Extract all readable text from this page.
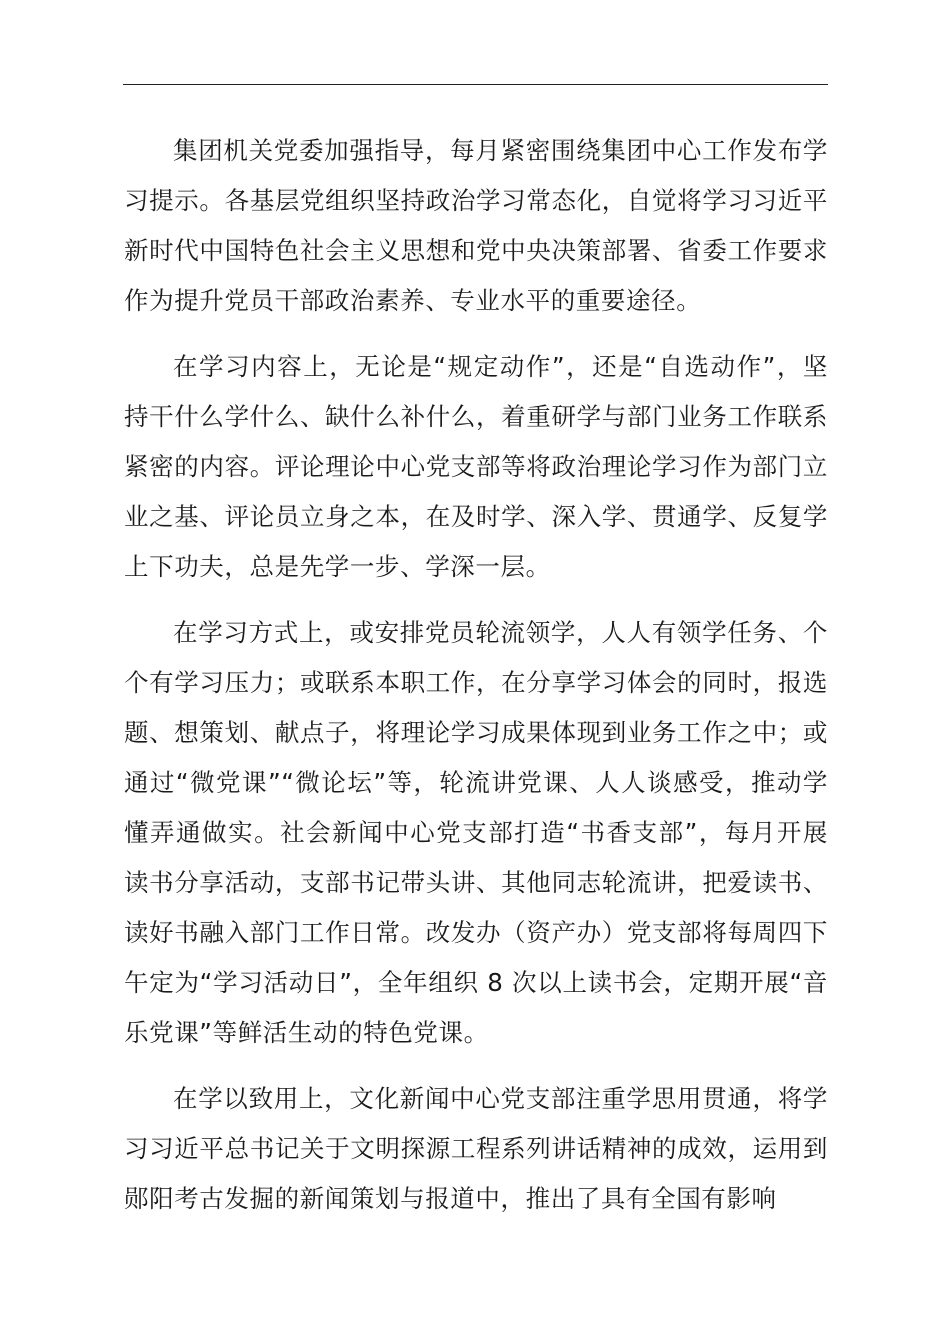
集团机关党委加强指导，每月紧密围绕集团中心工作发布学习提示。各基层党组织坚持政治学习常态化，自觉将学习习近平新时代中国特色社会主义思想和党中央决策部署、省委工作要求作为提升党员干部政治素养、专业水平的重要途径。

在学习内容上，无论是“规定动作”，还是“自选动作”，坚持干什么学什么、缺什么补什么，着重研学与部门业务工作联系紧密的内容。评论理论中心党支部等将政治理论学习作为部门立业之基、评论员立身之本，在及时学、深入学、贯通学、反复学上下功夫，总是先学一步、学深一层。

在学习方式上，或安排党员轮流领学，人人有领学任务、个个有学习压力；或联系本职工作，在分享学习体会的同时，报选题、想策划、献点子，将理论学习成果体现到业务工作之中；或通过“微党课”“微论坛”等，轮流讲党课、人人谈感受，推动学懂弄通做实。社会新闻中心党支部打造“书香支部”，每月开展读书分享活动，支部书记带头讲、其他同志轮流讲，把爱读书、读好书融入部门工作日常。改发办（资产办）党支部将每周四下午定为“学习活动日”，全年组织 8 次以上读书会，定期开展“音乐党课”等鲜活生动的特色党课。

在学以致用上，文化新闻中心党支部注重学思用贯通，将学习习近平总书记关于文明探源工程系列讲话精神的成效，运用到郧阳考古发掘的新闻策划与报道中，推出了具有全国有影响
